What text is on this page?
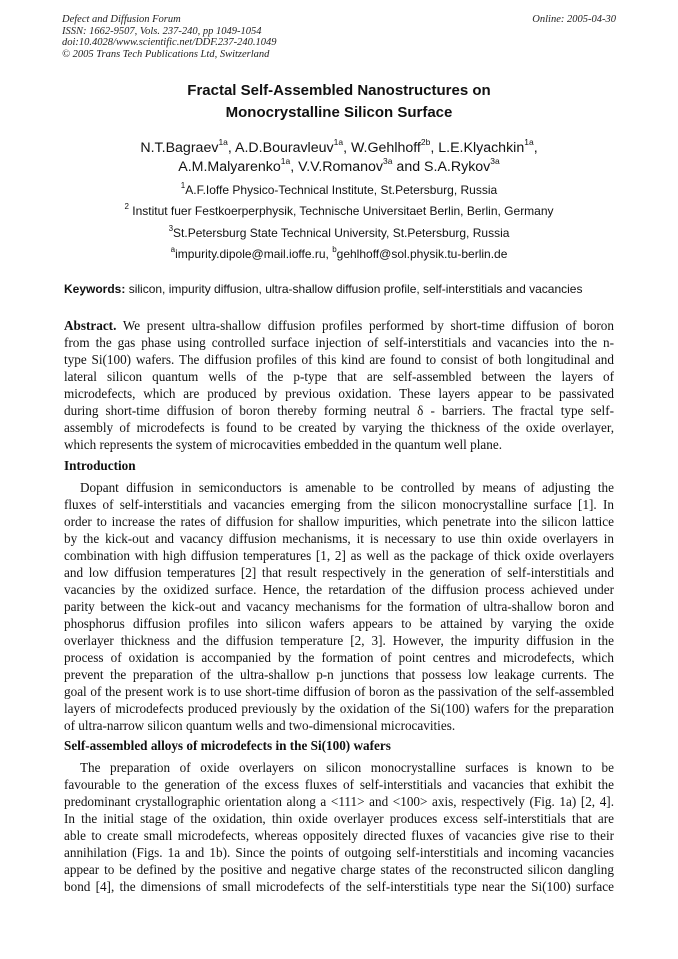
Defect and Diffusion Forum
ISSN: 1662-9507, Vols. 237-240, pp 1049-1054
doi:10.4028/www.scientific.net/DDF.237-240.1049
© 2005 Trans Tech Publications Ltd, Switzerland
Online: 2005-04-30
Fractal Self-Assembled Nanostructures on
Monocrystalline Silicon Surface
N.T.Bagraev$^{1a}$, A.D.Bouravleuv$^{1a}$, W.Gehlhoff$^{2b}$, L.E.Klyachkin$^{1a}$,
A.M.Malyarenko$^{1a}$, V.V.Romanov$^{3a}$ and S.A.Rykov$^{3a}$
$^1$A.F.Ioffe Physico-Technical Institute, St.Petersburg, Russia
$^2$ Institut fuer Festkoerperphysik, Technische Universitaet Berlin, Berlin, Germany
$^3$St.Petersburg State Technical University, St.Petersburg, Russia
$^a$impurity.dipole@mail.ioffe.ru, $^b$gehlhoff@sol.physik.tu-berlin.de
Keywords: silicon, impurity diffusion, ultra-shallow diffusion profile, self-interstitials and vacancies
Abstract. We present ultra-shallow diffusion profiles performed by short-time diffusion of boron
from the gas phase using controlled surface injection of self-interstitials and vacancies into the n-
type Si(100) wafers. The diffusion profiles of this kind are found to consist of both longitudinal and
lateral silicon quantum wells of the p-type that are self-assembled between the layers of
microdefects, which are produced by previous oxidation. These layers appear to be passivated
during short-time diffusion of boron thereby forming neutral δ - barriers. The fractal type self-
assembly of microdefects is found to be created by varying the thickness of the oxide overlayer,
which represents the system of microcavities embedded in the quantum well plane.
Introduction
Dopant diffusion in semiconductors is amenable to be controlled by means of adjusting the
fluxes of self-interstitials and vacancies emerging from the silicon monocrystalline surface [1]. In
order to increase the rates of diffusion for shallow impurities, which penetrate into the silicon lattice
by the kick-out and vacancy diffusion mechanisms, it is necessary to use thin oxide overlayers in
combination with high diffusion temperatures [1, 2] as well as the package of thick oxide overlayers
and low diffusion temperatures [2] that result respectively in the generation of self-interstitials and
vacancies by the oxidized surface. Hence, the retardation of the diffusion process achieved under
parity between the kick-out and vacancy mechanisms for the formation of ultra-shallow boron and
phosphorus diffusion profiles into silicon wafers appears to be attained by varying the oxide
overlayer thickness and the diffusion temperature [2, 3]. However, the impurity diffusion in the
process of oxidation is accompanied by the formation of point centres and microdefects, which
prevent the preparation of the ultra-shallow p-n junctions that possess low leakage currents. The
goal of the present work is to use short-time diffusion of boron as the passivation of the self-assembled
layers of microdefects produced previously by the oxidation of the Si(100) wafers for the preparation
of ultra-narrow silicon quantum wells and two-dimensional microcavities.
Self-assembled alloys of microdefects in the Si(100) wafers
The preparation of oxide overlayers on silicon monocrystalline surfaces is known to be
favourable to the generation of the excess fluxes of self-interstitials and vacancies that exhibit the
predominant crystallographic orientation along a <111> and <100> axis, respectively (Fig. 1a) [2, 4].
In the initial stage of the oxidation, thin oxide overlayer produces excess self-interstitials that are
able to create small microdefects, whereas oppositely directed fluxes of vacancies give rise to their
annihilation (Figs. 1a and 1b). Since the points of outgoing self-interstitials and incoming vacancies
appear to be defined by the positive and negative charge states of the reconstructed silicon dangling
bond [4], the dimensions of small microdefects of the self-interstitials type near the Si(100) surface
